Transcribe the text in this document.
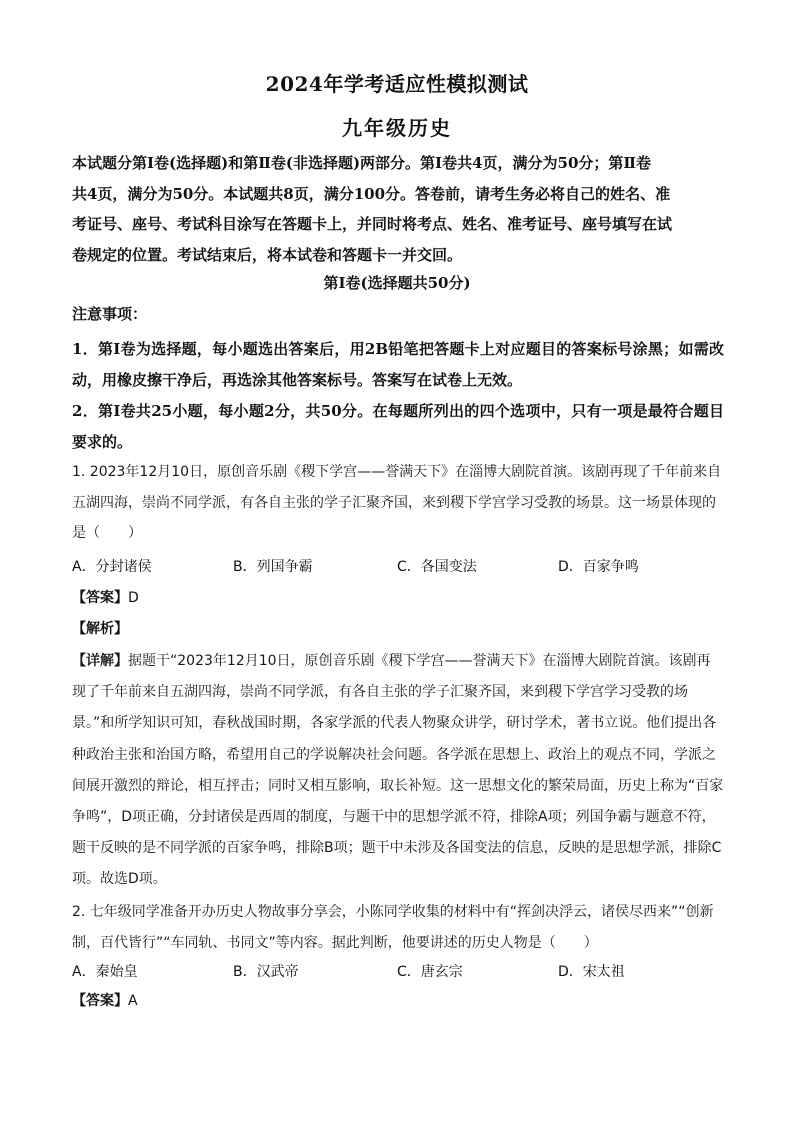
2024年学考适应性模拟测试
九年级历史

本试题分第Ⅰ卷(选择题)和第Ⅱ卷(非选择题)两部分。第Ⅰ卷共4页，满分为50分；第Ⅱ卷
共4页，满分为50分。本试题共8页，满分100分。答卷前，请考生务必将自己的姓名、准
考证号、座号、考试科目涂写在答题卡上，并同时将考点、姓名、准考证号、座号填写在试
卷规定的位置。考试结束后，将本试卷和答题卡一并交回。

第Ⅰ卷(选择题共50分)
注意事项：

1．第Ⅰ卷为选择题，每小题选出答案后，用2B铅笔把答题卡上对应题目的答案标号涂黑；如需改动，用橡皮擦干净后，再选涂其他答案标号。答案写在试卷上无效。

2．第Ⅰ卷共25小题，每小题2分，共50分。在每题所列出的四个选项中，只有一项是最符合题目要求的。

1. 2023年12月10日，原创音乐剧《稷下学宫——誉满天下》在淄博大剧院首演。该剧再现了千年前来自五湖四海，崇尚不同学派，有各自主张的学子汇聚齐国，来到稷下学宫学习受教的场景。这一场景体现的是（　　）

A．分封诸侯	B．列国争霸	C．各国变法	D．百家争鸣
【答案】D
【解析】

【详解】据题干“2023年12月10日，原创音乐剧《稷下学宫——誉满天下》在淄博大剧院首演。该剧再现了千年前来自五湖四海，崇尚不同学派，有各自主张的学子汇聚齐国，来到稷下学宫学习受教的场景。”和所学知识可知，春秋战国时期，各家学派的代表人物聚众讲学，研讨学术，著书立说。他们提出各种政治主张和治国方略，希望用自己的学说解决社会问题。各学派在思想上、政治上的观点不同，学派之间展开激烈的辩论，相互抨击；同时又相互影响，取长补短。这一思想文化的繁荣局面，历史上称为“百家争鸣”，D项正确，分封诸侯是西周的制度，与题干中的思想学派不符，排除A项；列国争霸与题意不符，题干反映的是不同学派的百家争鸣，排除B项；题干中未涉及各国变法的信息，反映的是思想学派，排除C项。故选D项。

2. 七年级同学准备开办历史人物故事分享会，小陈同学收集的材料中有“挥剑决浮云，诸侯尽西来”“创新制，百代皆行”“车同轨、书同文”等内容。据此判断，他要讲述的历史人物是（　　）

A．秦始皇	B．汉武帝	C．唐玄宗	D．宋太祖
【答案】A
